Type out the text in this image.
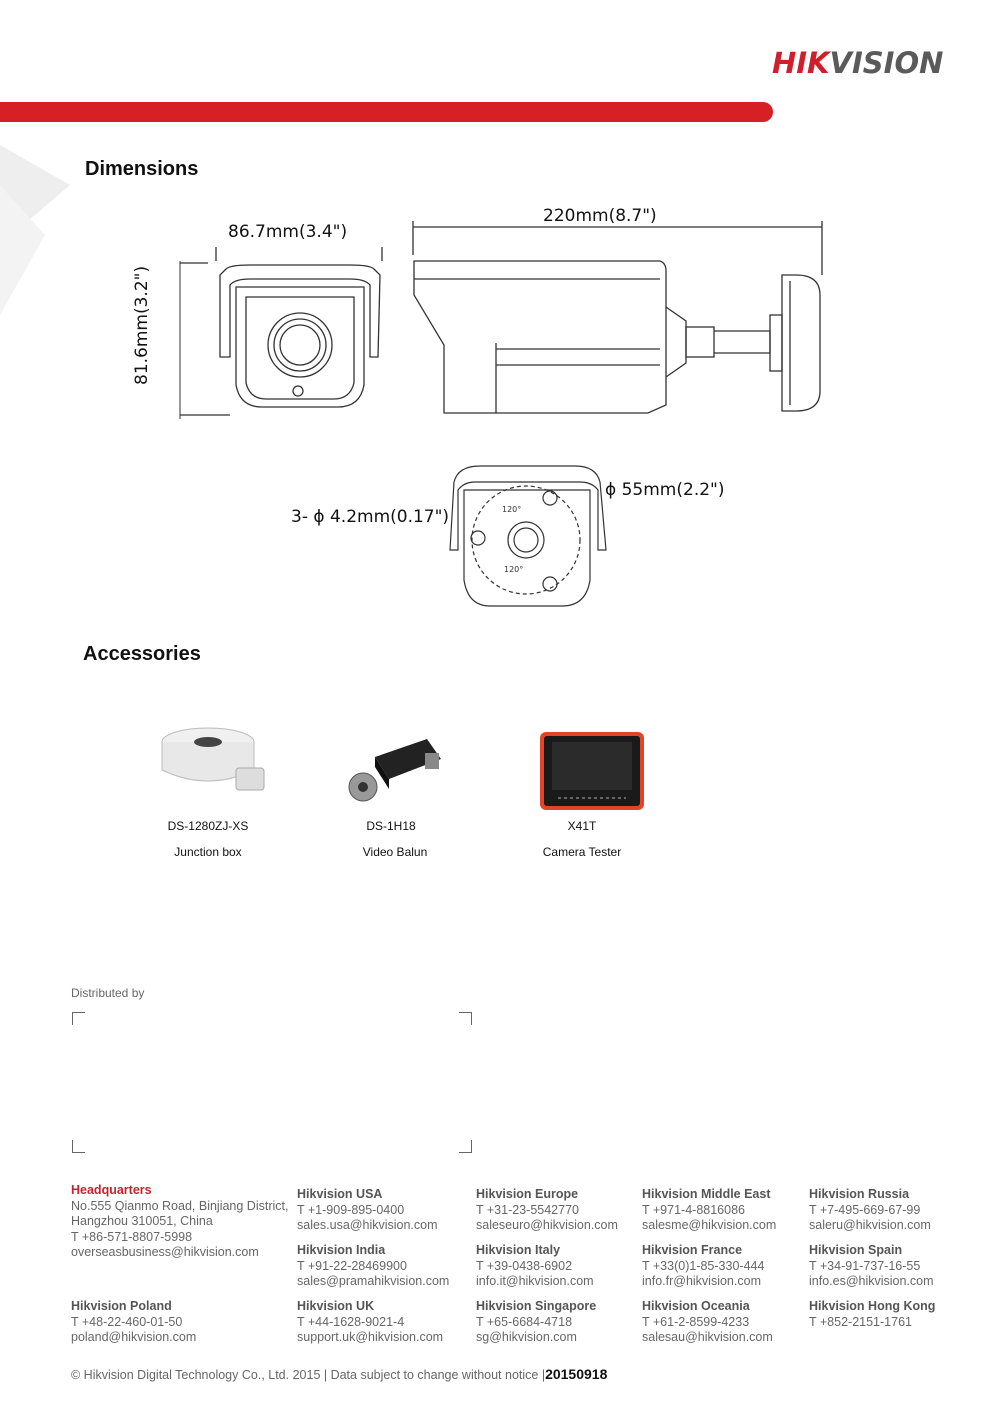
HIKVISION
Dimensions
86.7mm(3.4")
81.6mm(3.2")
220mm(8.7")
120°
120°
ϕ 55mm(2.2")
3- ϕ 4.2mm(0.17")
Accessories
DS-1280ZJ-XS
Junction box
DS-1H18
Video Balun
X41T
Camera Tester
Distributed by
Headquarters
No.555 Qianmo Road, Binjiang District,
Hangzhou 310051, China
T +86-571-8807-5998
overseasbusiness@hikvision.com
Hikvision USA
T +1-909-895-0400
sales.usa@hikvision.com
Hikvision Europe
T +31-23-5542770
saleseuro@hikvision.com
Hikvision Middle East
T +971-4-8816086
salesme@hikvision.com
Hikvision Russia
T +7-495-669-67-99
saleru@hikvision.com
Hikvision India
T +91-22-28469900
sales@pramahikvision.com
Hikvision Italy
T +39-0438-6902
info.it@hikvision.com
Hikvision France
T +33(0)1-85-330-444
info.fr@hikvision.com
Hikvision Spain
T +34-91-737-16-55
info.es@hikvision.com
Hikvision Poland
T +48-22-460-01-50
poland@hikvision.com
Hikvision UK
T +44-1628-9021-4
support.uk@hikvision.com
Hikvision Singapore
T +65-6684-4718
sg@hikvision.com
Hikvision Oceania
T +61-2-8599-4233
salesau@hikvision.com
Hikvision Hong Kong
T +852-2151-1761
© Hikvision Digital Technology Co., Ltd. 2015 | Data subject to change without notice |20150918
